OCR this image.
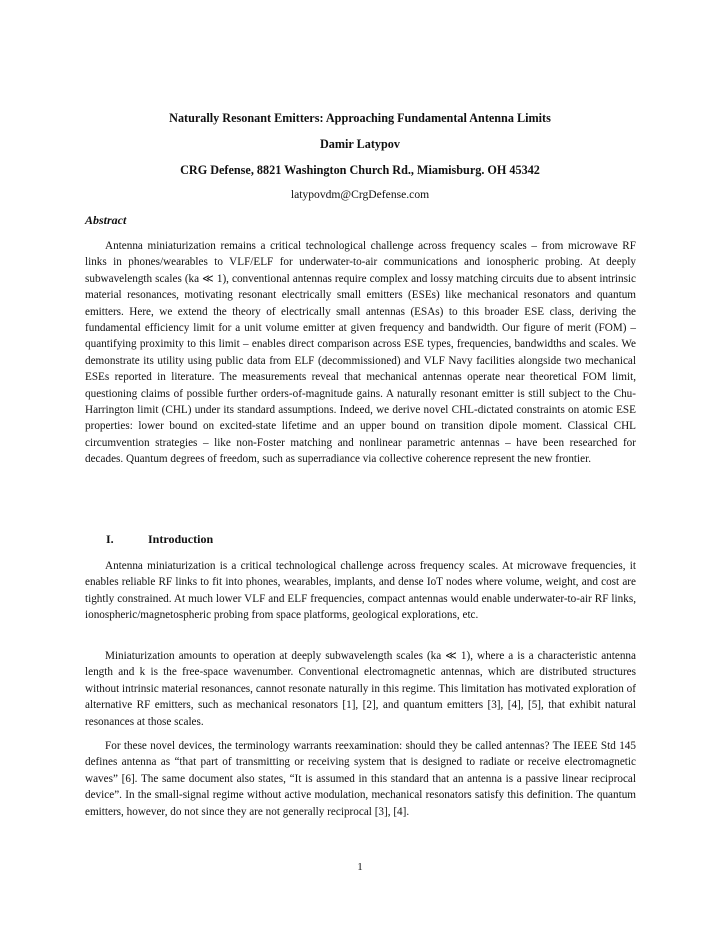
Naturally Resonant Emitters: Approaching Fundamental Antenna Limits
Damir Latypov
CRG Defense, 8821 Washington Church Rd., Miamisburg. OH 45342
latypovdm@CrgDefense.com
Abstract

Antenna miniaturization remains a critical technological challenge across frequency scales – from microwave RF links in phones/wearables to VLF/ELF for underwater-to-air communications and ionospheric probing. At deeply subwavelength scales (ka ≪ 1), conventional antennas require complex and lossy matching circuits due to absent intrinsic material resonances, motivating resonant electrically small emitters (ESEs) like mechanical resonators and quantum emitters. Here, we extend the theory of electrically small antennas (ESAs) to this broader ESE class, deriving the fundamental efficiency limit for a unit volume emitter at given frequency and bandwidth. Our figure of merit (FOM) – quantifying proximity to this limit – enables direct comparison across ESE types, frequencies, bandwidths and scales. We demonstrate its utility using public data from ELF (decommissioned) and VLF Navy facilities alongside two mechanical ESEs reported in literature. The measurements reveal that mechanical antennas operate near theoretical FOM limit, questioning claims of possible further orders-of-magnitude gains. A naturally resonant emitter is still subject to the Chu-Harrington limit (CHL) under its standard assumptions. Indeed, we derive novel CHL-dictated constraints on atomic ESE properties: lower bound on excited-state lifetime and an upper bound on transition dipole moment. Classical CHL circumvention strategies – like non-Foster matching and nonlinear parametric antennas – have been researched for decades. Quantum degrees of freedom, such as superradiance via collective coherence represent the new frontier.

I.	Introduction

Antenna miniaturization is a critical technological challenge across frequency scales. At microwave frequencies, it enables reliable RF links to fit into phones, wearables, implants, and dense IoT nodes where volume, weight, and cost are tightly constrained. At much lower VLF and ELF frequencies, compact antennas would enable underwater-to-air RF links, ionospheric/magnetospheric probing from space platforms, geological explorations, etc.

Miniaturization amounts to operation at deeply subwavelength scales (ka ≪ 1), where a is a characteristic antenna length and k is the free-space wavenumber. Conventional electromagnetic antennas, which are distributed structures without intrinsic material resonances, cannot resonate naturally in this regime. This limitation has motivated exploration of alternative RF emitters, such as mechanical resonators [1], [2], and quantum emitters [3], [4], [5], that exhibit natural resonances at those scales.

For these novel devices, the terminology warrants reexamination: should they be called antennas? The IEEE Std 145 defines antenna as “that part of transmitting or receiving system that is designed to radiate or receive electromagnetic waves” [6]. The same document also states, “It is assumed in this standard that an antenna is a passive linear reciprocal device”. In the small-signal regime without active modulation, mechanical resonators satisfy this definition. The quantum emitters, however, do not since they are not generally reciprocal [3], [4].

1
